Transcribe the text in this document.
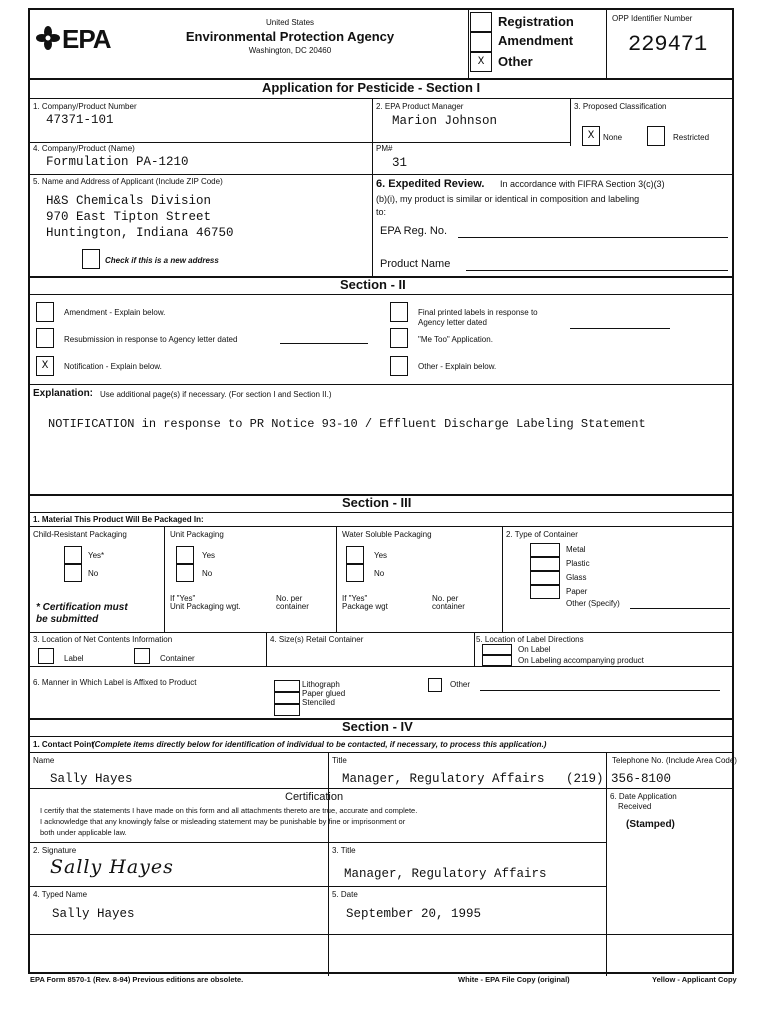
EPA
United States
Environmental Protection Agency
Washington, DC 20460
X
Registration
Amendment
Other
OPP Identifier Number
229471
Application for Pesticide - Section I
1. Company/Product Number
47371-101
2. EPA Product Manager
Marion Johnson
3. Proposed Classification
X	None	Restricted
4. Company/Product (Name)
Formulation PA-1210
PM#
31
5. Name and Address of Applicant (Include ZIP Code)
H&S Chemicals Division
970 East Tipton Street
Huntington, Indiana 46750
Check if this is a new address
6. Expedited Review. In accordance with FIFRA Section 3(c)(3)
(b)(i), my product is similar or identical in composition and labeling
to:
EPA Reg. No.
Product Name
Section - II
Amendment - Explain below.
Resubmission in response to Agency letter dated
X	Notification - Explain below.
Final printed labels in response to
Agency letter dated
"Me Too" Application.
Other - Explain below.
Explanation: Use additional page(s) if necessary. (For section I and Section II.)
NOTIFICATION in response to PR Notice 93-10 / Effluent Discharge Labeling Statement
Section - III
1. Material This Product Will Be Packaged In:
Child-Resistant Packaging
Yes*
No
* Certification must
be submitted
Unit Packaging
Yes
No
If "Yes"
Unit Packaging wgt.
No. per
container
Water Soluble Packaging
Yes
No
If "Yes"
Package wgt
No. per
container
2. Type of Container
Metal
Plastic
Glass
Paper
Other (Specify)
3. Location of Net Contents Information
Label	Container
4. Size(s) Retail Container	5. Location of Label Directions
On Label
On Labeling accompanying product
6. Manner in Which Label is Affixed to Product	Lithograph
Paper glued
Stenciled
Other
Section - IV
1. Contact Point
(Complete items directly below for identification of individual to be contacted, if necessary, to process this application.)
Name
Sally Hayes
Title
Manager, Regulatory Affairs
Telephone No. (Include Area Code)
(219) 356-8100
Certification
I certify that the statements I have made on this form and all attachments thereto are true, accurate and complete.
I acknowledge that any knowingly false or misleading statement may be punishable by fine or imprisonment or
both under applicable law.
6. Date Application
Received
(Stamped)
2. Signature
Sally Hayes
3. Title
Manager, Regulatory Affairs
4. Typed Name
Sally Hayes
5. Date
September 20, 1995
EPA Form 8570-1 (Rev. 8-94) Previous editions are obsolete.	White - EPA File Copy (original)	Yellow - Applicant Copy
